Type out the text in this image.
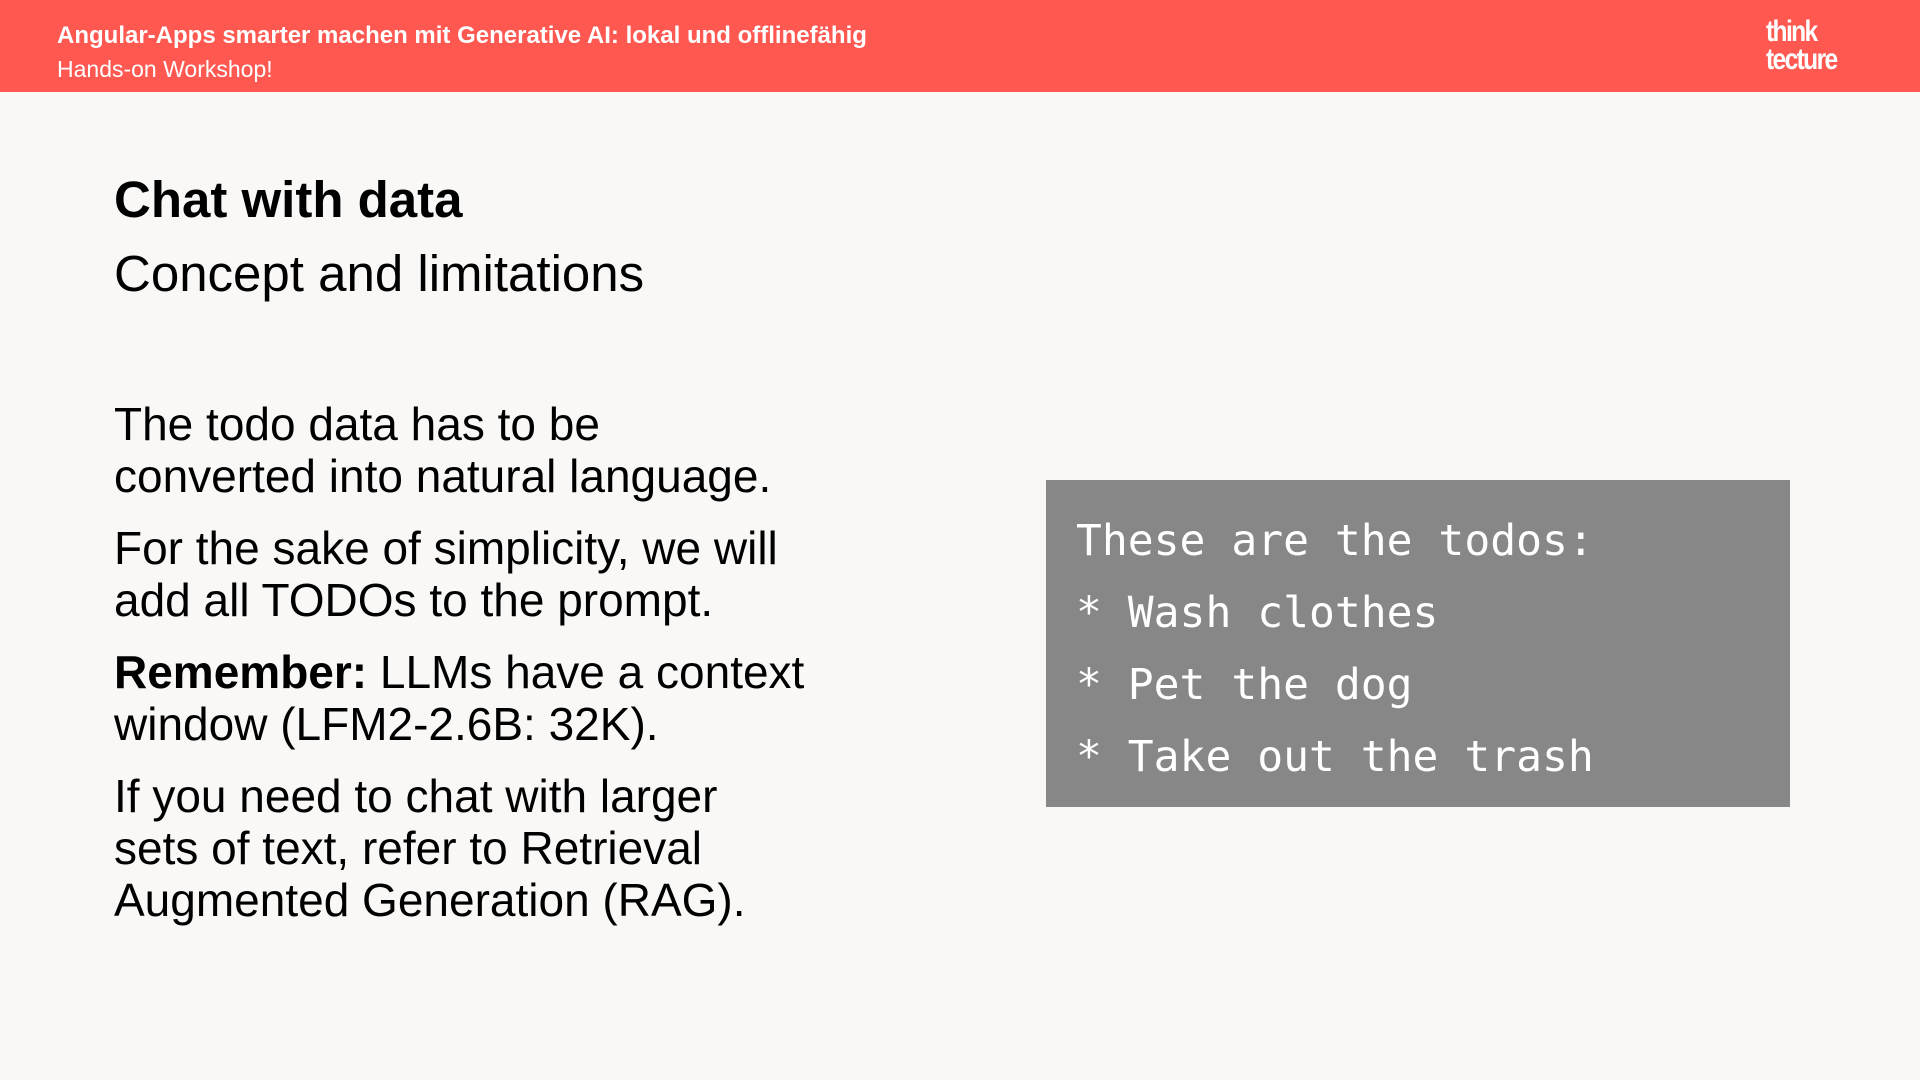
Angular-Apps smarter machen mit Generative AI: lokal und offlinefähig
Hands-on Workshop!
think
tecture
Chat with data
Concept and limitations

The todo data has to be
converted into natural language.

For the sake of simplicity, we will
add all TODOs to the prompt.

Remember: LLMs have a context
window (LFM2-2.6B: 32K).

If you need to chat with larger
sets of text, refer to Retrieval
Augmented Generation (RAG).

These are the todos:
* Wash clothes
* Pet the dog
* Take out the trash
